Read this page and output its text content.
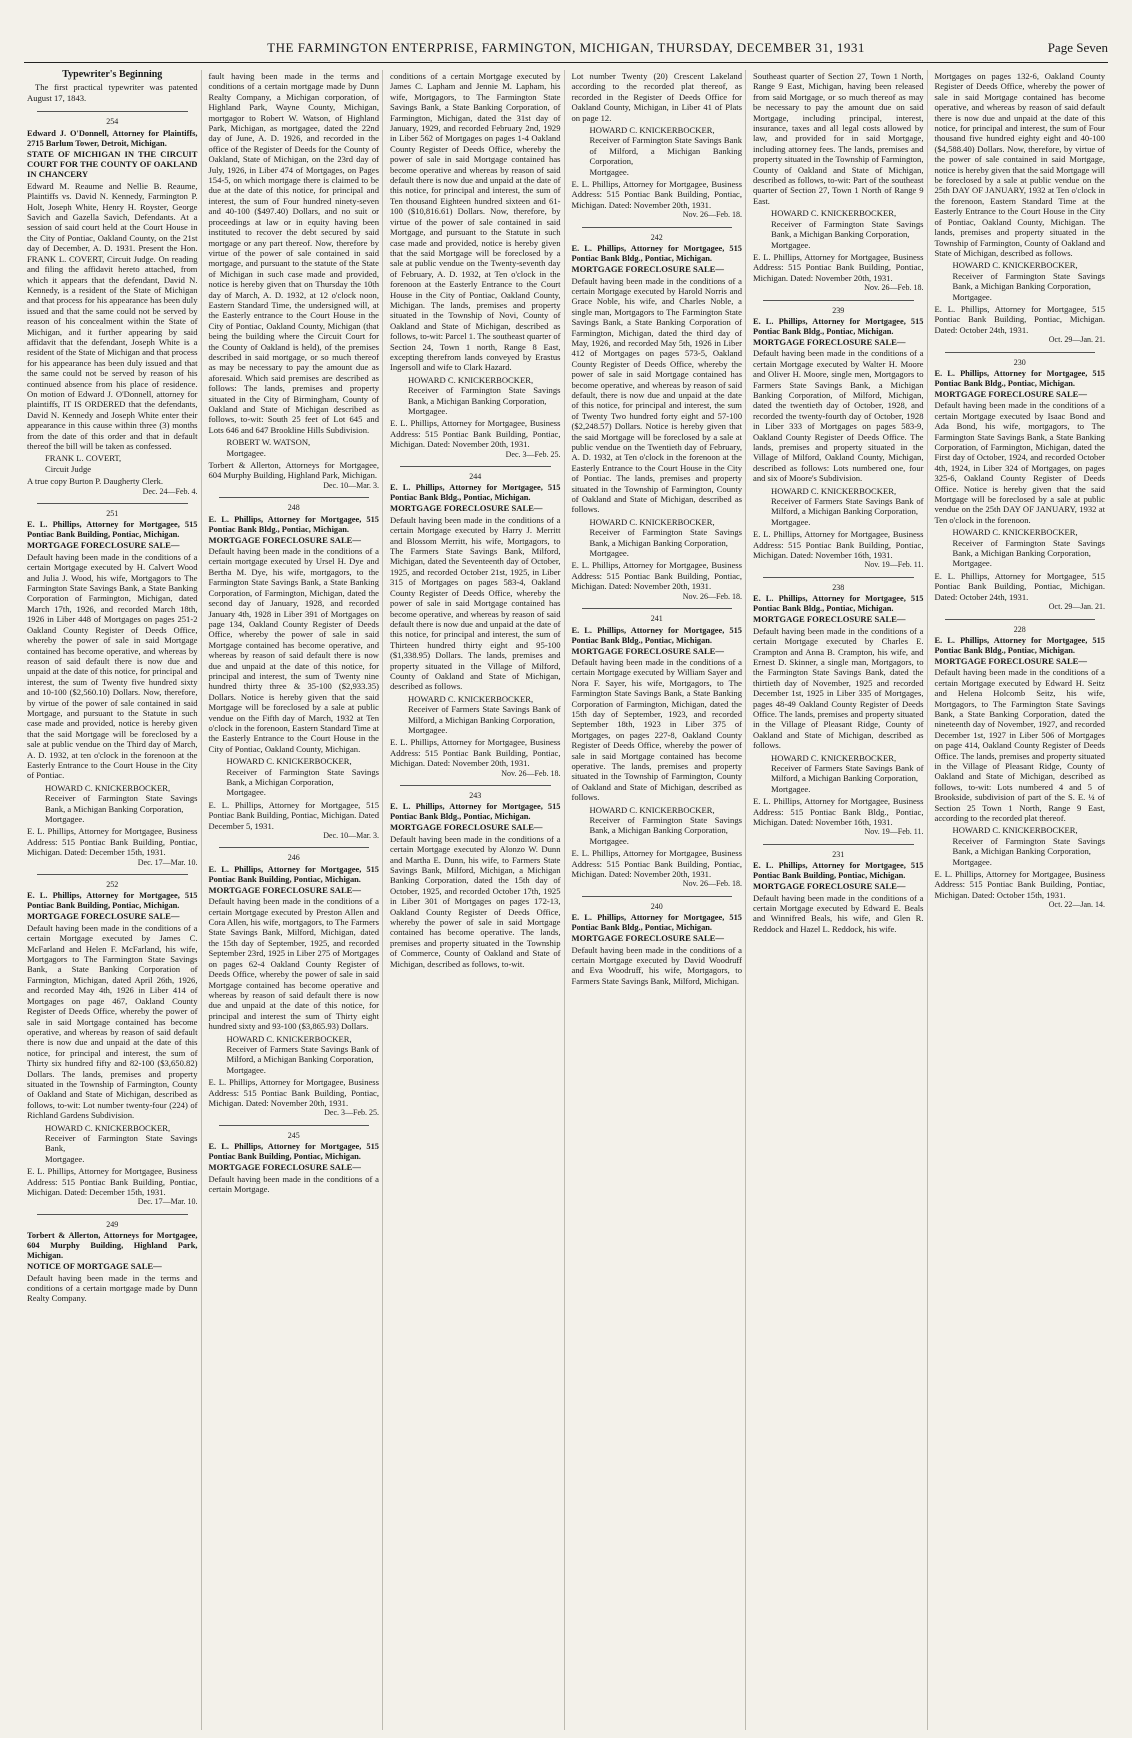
THE FARMINGTON ENTERPRISE, FARMINGTON, MICHIGAN, THURSDAY, DECEMBER 31, 1931	Page Seven
Typewriter's Beginning
The first practical typewriter was patented August 17, 1843.
254
Edward J. O'Donnell, Attorney for Plaintiffs, 2715 Barlum Tower, Detroit, Michigan.
STATE OF MICHIGAN IN THE CIRCUIT COURT FOR THE COUNTY OF OAKLAND IN CHANCERY
Edward M. Reaume and Nellie B. Reaume, Plaintiffs vs. David N. Kennedy, Farmington P. Holt, Joseph White, Henry H. Royster, George Savich and Gazella Savich, Defendants. At a session of said court held at the Court House in the City of Pontiac, Oakland County, on the 21st day of December, A. D. 1931. Present the Hon. FRANK L. COVERT, Circuit Judge. On reading and filing the affidavit hereto attached, from which it appears that the defendant, David N. Kennedy, is a resident of the State of Michigan and that process for his appearance has been duly issued and that the same could not be served by reason of his concealment within the State of Michigan, and it further appearing by said affidavit that the defendant, Joseph White is a resident of the State of Michigan and that process for his appearance has been duly issued and that the same could not be served by reason of his continued absence from his place of residence. On motion of Edward J. O'Donnell, attorney for plaintiffs, IT IS ORDERED that the defendants, David N. Kennedy and Joseph White enter their appearance in this cause within three (3) months from the date of this order and that in default thereof the bill will be taken as confessed.
FRANK L. COVERT,
Circuit Judge
A true copy Burton P. Daugherty Clerk.
Dec. 24—Feb. 4.
251
E. L. Phillips, Attorney for Mortgagee, 515 Pontiac Bank Building, Pontiac, Michigan.
MORTGAGE FORECLOSURE SALE—
Default having been made in the conditions of a certain Mortgage executed by H. Calvert Wood and Julia J. Wood, his wife, Mortgagors to The Farmington State Savings Bank, a State Banking Corporation of Farmington, Michigan, dated March 17th, 1926, and recorded March 18th, 1926 in Liber 448 of Mortgages on pages 251-2 Oakland County Register of Deeds Office, whereby the power of sale in said Mortgage contained has become operative, and whereas by reason of said default there is now due and unpaid at the date of this notice, for principal and interest, the sum of Twenty five hundred sixty and 10-100 ($2,560.10) Dollars. Now, therefore, by virtue of the power of sale contained in said Mortgage, and pursuant to the Statute in such case made and provided, notice is hereby given that the said Mortgage will be foreclosed by a sale at public vendue on the Third day of March, A. D. 1932, at ten o'clock in the forenoon at the Easterly Entrance to the Court House in the City of Pontiac.
HOWARD C. KNICKERBOCKER,
Receiver of Farmington State Savings Bank, a Michigan Banking Corporation,
Mortgagee.
E. L. Phillips, Attorney for Mortgagee, Business Address: 515 Pontiac Bank Building, Pontiac, Michigan. Dated: December 15th, 1931.
Dec. 17—Mar. 10.
252
E. L. Phillips, Attorney for Mortgagee, 515 Pontiac Bank Building, Pontiac, Michigan.
MORTGAGE FORECLOSURE SALE—
Default having been made in the conditions of a certain Mortgage executed by James C. McFarland and Helen F. McFarland, his wife, Mortgagors to The Farmington State Savings Bank, a State Banking Corporation of Farmington, Michigan, dated April 26th, 1926, and recorded May 4th, 1926 in Liber 414 of Mortgages on page 467, Oakland County Register of Deeds Office, whereby the power of sale in said Mortgage contained has become operative, and whereas by reason of said default there is now due and unpaid at the date of this notice, for principal and interest, the sum of Thirty six hundred fifty and 82-100 ($3,650.82) Dollars. The lands, premises and property situated in the Township of Farmington, County of Oakland and State of Michigan, described as follows, to-wit: Lot number twenty-four (224) of Richland Gardens Subdivision.
HOWARD C. KNICKERBOCKER,
Receiver of Farmington State Savings Bank,
Mortgagee.
E. L. Phillips, Attorney for Mortgagee, Business Address: 515 Pontiac Bank Building, Pontiac, Michigan. Dated: December 15th, 1931.
Dec. 17—Mar. 10.
249
Torbert & Allerton, Attorneys for Mortgagee, 604 Murphy Building, Highland Park, Michigan.
NOTICE OF MORTGAGE SALE—
Default having been made in the terms and conditions of a certain mortgage made by Dunn Realty Company.
fault having been made in the terms and conditions of a certain mortgage made by Dunn Realty Company, a Michigan corporation, of Highland Park, Wayne County, Michigan, mortgagor to Robert W. Watson, of Highland Park, Michigan, as mortgagee, dated the 22nd day of June, A. D. 1926, and recorded in the office of the Register of Deeds for the County of Oakland, State of Michigan, on the 23rd day of July, 1926, in Liber 474 of Mortgages, on Pages 154-5, on which mortgage there is claimed to be due at the date of this notice, for principal and interest, the sum of Four hundred ninety-seven and 40-100 ($497.40) Dollars, and no suit or proceedings at law or in equity having been instituted to recover the debt secured by said mortgage or any part thereof. Now, therefore by virtue of the power of sale contained in said mortgage, and pursuant to the statute of the State of Michigan in such case made and provided, notice is hereby given that on Thursday the 10th day of March, A. D. 1932, at 12 o'clock noon, Eastern Standard Time, the undersigned will, at the Easterly entrance to the Court House in the City of Pontiac, Oakland County, Michigan (that being the building where the Circuit Court for the County of Oakland is held), of the premises described in said mortgage, or so much thereof as may be necessary to pay the amount due as aforesaid. Which said premises are described as follows: The lands, premises and property situated in the City of Birmingham, County of Oakland and State of Michigan described as follows, to-wit: South 25 feet of Lot 645 and Lots 646 and 647 Brookline Hills Subdivision.
ROBERT W. WATSON,
Mortgagee.
Torbert & Allerton, Attorneys for Mortgagee, 604 Murphy Building, Highland Park, Michigan.
Dec. 10—Mar. 3.
248
E. L. Phillips, Attorney for Mortgagee, 515 Pontiac Bank Bldg., Pontiac, Michigan.
MORTGAGE FORECLOSURE SALE—
Default having been made in the conditions of a certain mortgage executed by Ursel H. Dye and Bertha M. Dye, his wife, mortgagors, to the Farmington State Savings Bank, a State Banking Corporation, of Farmington, Michigan, dated the second day of January, 1928, and recorded January 4th, 1928 in Liber 391 of Mortgages on page 134, Oakland County Register of Deeds Office, whereby the power of sale in said Mortgage contained has become operative, and whereas by reason of said default there is now due and unpaid at the date of this notice, for principal and interest, the sum of Twenty nine hundred thirty three & 35-100 ($2,933.35) Dollars. Notice is hereby given that the said Mortgage will be foreclosed by a sale at public vendue on the Fifth day of March, 1932 at Ten o'clock in the forenoon, Eastern Standard Time at the Easterly Entrance to the Court House in the City of Pontiac, Oakland County, Michigan.
HOWARD C. KNICKERBOCKER,
Receiver of Farmington State Savings Bank, a Michigan Corporation,
Mortgagee.
E. L. Phillips, Attorney for Mortgagee, 515 Pontiac Bank Building, Pontiac, Michigan. Dated December 5, 1931.
Dec. 10—Mar. 3.
246
E. L. Phillips, Attorney for Mortgagee, 515 Pontiac Bank Building, Pontiac, Michigan.
MORTGAGE FORECLOSURE SALE—
Default having been made in the conditions of a certain Mortgage executed by Preston Allen and Cora Allen, his wife, mortgagors, to The Farmers State Savings Bank, Milford, Michigan, dated the 15th day of September, 1925, and recorded September 23rd, 1925 in Liber 275 of Mortgages on pages 62-4 Oakland County Register of Deeds Office, whereby the power of sale in said Mortgage contained has become operative and whereas by reason of said default there is now due and unpaid at the date of this notice, for principal and interest the sum of Thirty eight hundred sixty and 93-100 ($3,865.93) Dollars.
HOWARD C. KNICKERBOCKER,
Receiver of Farmers State Savings Bank of Milford, a Michigan Banking Corporation,
Mortgagee.
E. L. Phillips, Attorney for Mortgagee, Business Address: 515 Pontiac Bank Building, Pontiac, Michigan. Dated: November 20th, 1931.
Dec. 3—Feb. 25.
245
E. L. Phillips, Attorney for Mortgagee, 515 Pontiac Bank Building, Pontiac, Michigan.
MORTGAGE FORECLOSURE SALE—
Default having been made in the conditions of a certain Mortgage.
conditions of a certain Mortgage executed by James C. Lapham and Jennie M. Lapham, his wife, Mortgagors, to The Farmington State Savings Bank, a State Banking Corporation, of Farmington, Michigan, dated the 31st day of January, 1929, and recorded February 2nd, 1929 in Liber 562 of Mortgages on pages 1-4 Oakland County Register of Deeds Office, whereby the power of sale in said Mortgage contained has become operative and whereas by reason of said default there is now due and unpaid at the date of this notice, for principal and interest, the sum of Ten thousand Eighteen hundred sixteen and 61-100 ($10,816.61) Dollars. Now, therefore, by virtue of the power of sale contained in said Mortgage, and pursuant to the Statute in such case made and provided, notice is hereby given that the said Mortgage will be foreclosed by a sale at public vendue on the Twenty-seventh day of February, A. D. 1932, at Ten o'clock in the forenoon at the Easterly Entrance to the Court House in the City of Pontiac, Oakland County, Michigan. The lands, premises and property situated in the Township of Novi, County of Oakland and State of Michigan, described as follows, to-wit: Parcel 1. The southeast quarter of Section 24, Town 1 north, Range 8 East, excepting therefrom lands conveyed by Erastus Ingersoll and wife to Clark Hazard.
HOWARD C. KNICKERBOCKER,
Receiver of Farmington State Savings Bank, a Michigan Banking Corporation,
Mortgagee.
E. L. Phillips, Attorney for Mortgagee, Business Address: 515 Pontiac Bank Building, Pontiac, Michigan. Dated: November 20th, 1931.
Dec. 3—Feb. 25.
244
E. L. Phillips, Attorney for Mortgagee, 515 Pontiac Bank Bldg., Pontiac, Michigan.
MORTGAGE FORECLOSURE SALE—
Default having been made in the conditions of a certain Mortgage executed by Harry J. Merritt and Blossom Merritt, his wife, Mortgagors, to The Farmers State Savings Bank, Milford, Michigan, dated the Seventeenth day of October, 1925, and recorded October 21st, 1925, in Liber 315 of Mortgages on pages 583-4, Oakland County Register of Deeds Office, whereby the power of sale in said Mortgage contained has become operative, and whereas by reason of said default there is now due and unpaid at the date of this notice, for principal and interest, the sum of Thirteen hundred thirty eight and 95-100 ($1,338.95) Dollars. The lands, premises and property situated in the Village of Milford, County of Oakland and State of Michigan, described as follows.
HOWARD C. KNICKERBOCKER,
Receiver of Farmers State Savings Bank of Milford, a Michigan Banking Corporation,
Mortgagee.
E. L. Phillips, Attorney for Mortgagee, Business Address: 515 Pontiac Bank Building, Pontiac, Michigan. Dated: November 20th, 1931.
Nov. 26—Feb. 18.
243
E. L. Phillips, Attorney for Mortgagee, 515 Pontiac Bank Bldg., Pontiac, Michigan.
MORTGAGE FORECLOSURE SALE—
Default having been made in the conditions of a certain Mortgage executed by Alonzo W. Dunn and Martha E. Dunn, his wife, to Farmers State Savings Bank, Milford, Michigan, a Michigan Banking Corporation, dated the 15th day of October, 1925, and recorded October 17th, 1925 in Liber 301 of Mortgages on pages 172-13, Oakland County Register of Deeds Office, whereby the power of sale in said Mortgage contained has become operative. The lands, premises and property situated in the Township of Commerce, County of Oakland and State of Michigan, described as follows, to-wit.
Lot number Twenty (20) Crescent Lakeland according to the recorded plat thereof, as recorded in the Register of Deeds Office for Oakland County, Michigan, in Liber 41 of Plats on page 12.
HOWARD C. KNICKERBOCKER,
Receiver of Farmington State Savings Bank of Milford, a Michigan Banking Corporation,
Mortgagee.
E. L. Phillips, Attorney for Mortgagee, Business Address: 515 Pontiac Bank Building, Pontiac, Michigan. Dated: November 20th, 1931.
Nov. 26—Feb. 18.
242
E. L. Phillips, Attorney for Mortgagee, 515 Pontiac Bank Bldg., Pontiac, Michigan.
MORTGAGE FORECLOSURE SALE—
Default having been made in the conditions of a certain Mortgage executed by Harold Norris and Grace Noble, his wife, and Charles Noble, a single man, Mortgagors to The Farmington State Savings Bank, a State Banking Corporation of Farmington, Michigan, dated the third day of May, 1926, and recorded May 5th, 1926 in Liber 412 of Mortgages on pages 573-5, Oakland County Register of Deeds Office, whereby the power of sale in said Mortgage contained has become operative, and whereas by reason of said default, there is now due and unpaid at the date of this notice, for principal and interest, the sum of Twenty Two hundred forty eight and 57-100 ($2,248.57) Dollars. Notice is hereby given that the said Mortgage will be foreclosed by a sale at public vendue on the Twentieth day of February, A. D. 1932, at Ten o'clock in the forenoon at the Easterly Entrance to the Court House in the City of Pontiac. The lands, premises and property situated in the Township of Farmington, County of Oakland and State of Michigan, described as follows.
HOWARD C. KNICKERBOCKER,
Receiver of Farmington State Savings Bank, a Michigan Banking Corporation,
Mortgagee.
E. L. Phillips, Attorney for Mortgagee, Business Address: 515 Pontiac Bank Building, Pontiac, Michigan. Dated: November 20th, 1931.
Nov. 26—Feb. 18.
241
E. L. Phillips, Attorney for Mortgagee, 515 Pontiac Bank Bldg., Pontiac, Michigan.
MORTGAGE FORECLOSURE SALE—
Default having been made in the conditions of a certain Mortgage executed by William Sayer and Nora F. Sayer, his wife, Mortgagors, to The Farmington State Savings Bank, a State Banking Corporation of Farmington, Michigan, dated the 15th day of September, 1923, and recorded September 18th, 1923 in Liber 375 of Mortgages, on pages 227-8, Oakland County Register of Deeds Office, whereby the power of sale in said Mortgage contained has become operative. The lands, premises and property situated in the Township of Farmington, County of Oakland and State of Michigan, described as follows.
HOWARD C. KNICKERBOCKER,
Receiver of Farmington State Savings Bank, a Michigan Banking Corporation,
Mortgagee.
E. L. Phillips, Attorney for Mortgagee, Business Address: 515 Pontiac Bank Building, Pontiac, Michigan. Dated: November 20th, 1931.
Nov. 26—Feb. 18.
240
E. L. Phillips, Attorney for Mortgagee, 515 Pontiac Bank Bldg., Pontiac, Michigan.
MORTGAGE FORECLOSURE SALE—
Default having been made in the conditions of a certain Mortgage executed by David Woodruff and Eva Woodruff, his wife, Mortgagors, to Farmers State Savings Bank, Milford, Michigan.
Southeast quarter of Section 27, Town 1 North, Range 9 East, Michigan, having been released from said Mortgage, or so much thereof as may be necessary to pay the amount due on said Mortgage, including principal, interest, insurance, taxes and all legal costs allowed by law, and provided for in said Mortgage, including attorney fees. The lands, premises and property situated in the Township of Farmington, County of Oakland and State of Michigan, described as follows, to-wit: Part of the southeast quarter of Section 27, Town 1 North of Range 9 East.
HOWARD C. KNICKERBOCKER,
Receiver of Farmington State Savings Bank, a Michigan Banking Corporation,
Mortgagee.
E. L. Phillips, Attorney for Mortgagee, Business Address: 515 Pontiac Bank Building, Pontiac, Michigan. Dated: November 20th, 1931.
Nov. 26—Feb. 18.
239
E. L. Phillips, Attorney for Mortgagee, 515 Pontiac Bank Bldg., Pontiac, Michigan.
MORTGAGE FORECLOSURE SALE—
Default having been made in the conditions of a certain Mortgage executed by Walter H. Moore and Oliver H. Moore, single men, Mortgagors to Farmers State Savings Bank, a Michigan Banking Corporation, of Milford, Michigan, dated the twentieth day of October, 1928, and recorded the twenty-fourth day of October, 1928 in Liber 333 of Mortgages on pages 583-9, Oakland County Register of Deeds Office. The lands, premises and property situated in the Village of Milford, Oakland County, Michigan, described as follows: Lots numbered one, four and six of Moore's Subdivision.
HOWARD C. KNICKERBOCKER,
Receiver of Farmers State Savings Bank of Milford, a Michigan Banking Corporation,
Mortgagee.
E. L. Phillips, Attorney for Mortgagee, Business Address: 515 Pontiac Bank Building, Pontiac, Michigan. Dated: November 16th, 1931.
Nov. 19—Feb. 11.
238
E. L. Phillips, Attorney for Mortgagee, 515 Pontiac Bank Bldg., Pontiac, Michigan.
MORTGAGE FORECLOSURE SALE—
Default having been made in the conditions of a certain Mortgage executed by Charles E. Crampton and Anna B. Crampton, his wife, and Ernest D. Skinner, a single man, Mortgagors, to the Farmington State Savings Bank, dated the thirtieth day of November, 1925 and recorded December 1st, 1925 in Liber 335 of Mortgages, pages 48-49 Oakland County Register of Deeds Office. The lands, premises and property situated in the Village of Pleasant Ridge, County of Oakland and State of Michigan, described as follows.
HOWARD C. KNICKERBOCKER,
Receiver of Farmers State Savings Bank of Milford, a Michigan Banking Corporation,
Mortgagee.
E. L. Phillips, Attorney for Mortgagee, Business Address: 515 Pontiac Bank Bldg., Pontiac, Michigan. Dated: November 16th, 1931.
Nov. 19—Feb. 11.
231
E. L. Phillips, Attorney for Mortgagee, 515 Pontiac Bank Building, Pontiac, Michigan.
MORTGAGE FORECLOSURE SALE—
Default having been made in the conditions of a certain Mortgage executed by Edward E. Beals and Winnifred Beals, his wife, and Glen R. Reddock and Hazel L. Reddock, his wife.
Mortgages on pages 132-6, Oakland County Register of Deeds Office, whereby the power of sale in said Mortgage contained has become operative, and whereas by reason of said default there is now due and unpaid at the date of this notice, for principal and interest, the sum of Four thousand five hundred eighty eight and 40-100 ($4,588.40) Dollars. Now, therefore, by virtue of the power of sale contained in said Mortgage, notice is hereby given that the said Mortgage will be foreclosed by a sale at public vendue on the 25th DAY OF JANUARY, 1932 at Ten o'clock in the forenoon, Eastern Standard Time at the Easterly Entrance to the Court House in the City of Pontiac, Oakland County, Michigan. The lands, premises and property situated in the Township of Farmington, County of Oakland and State of Michigan, described as follows.
HOWARD C. KNICKERBOCKER,
Receiver of Farmington State Savings Bank, a Michigan Banking Corporation,
Mortgagee.
E. L. Phillips, Attorney for Mortgagee, 515 Pontiac Bank Building, Pontiac, Michigan. Dated: October 24th, 1931.
Oct. 29—Jan. 21.
230
E. L. Phillips, Attorney for Mortgagee, 515 Pontiac Bank Bldg., Pontiac, Michigan.
MORTGAGE FORECLOSURE SALE—
Default having been made in the conditions of a certain Mortgage executed by Isaac Bond and Ada Bond, his wife, mortgagors, to The Farmington State Savings Bank, a State Banking Corporation, of Farmington, Michigan, dated the First day of October, 1924, and recorded October 4th, 1924, in Liber 324 of Mortgages, on pages 325-6, Oakland County Register of Deeds Office. Notice is hereby given that the said Mortgage will be foreclosed by a sale at public vendue on the 25th DAY OF JANUARY, 1932 at Ten o'clock in the forenoon.
HOWARD C. KNICKERBOCKER,
Receiver of Farmington State Savings Bank, a Michigan Banking Corporation,
Mortgagee.
E. L. Phillips, Attorney for Mortgagee, 515 Pontiac Bank Building, Pontiac, Michigan. Dated: October 24th, 1931.
Oct. 29—Jan. 21.
228
E. L. Phillips, Attorney for Mortgagee, 515 Pontiac Bank Bldg., Pontiac, Michigan.
MORTGAGE FORECLOSURE SALE—
Default having been made in the conditions of a certain Mortgage executed by Edward H. Seitz and Helena Holcomb Seitz, his wife, Mortgagors, to The Farmington State Savings Bank, a State Banking Corporation, dated the nineteenth day of November, 1927, and recorded December 1st, 1927 in Liber 506 of Mortgages on page 414, Oakland County Register of Deeds Office. The lands, premises and property situated in the Village of Pleasant Ridge, County of Oakland and State of Michigan, described as follows, to-wit: Lots numbered 4 and 5 of Brookside, subdivision of part of the S. E. ¼ of Section 25 Town 1 North, Range 9 East, according to the recorded plat thereof.
HOWARD C. KNICKERBOCKER,
Receiver of Farmington State Savings Bank, a Michigan Banking Corporation,
Mortgagee.
E. L. Phillips, Attorney for Mortgagee, Business Address: 515 Pontiac Bank Building, Pontiac, Michigan. Dated: October 15th, 1931.
Oct. 22—Jan. 14.
